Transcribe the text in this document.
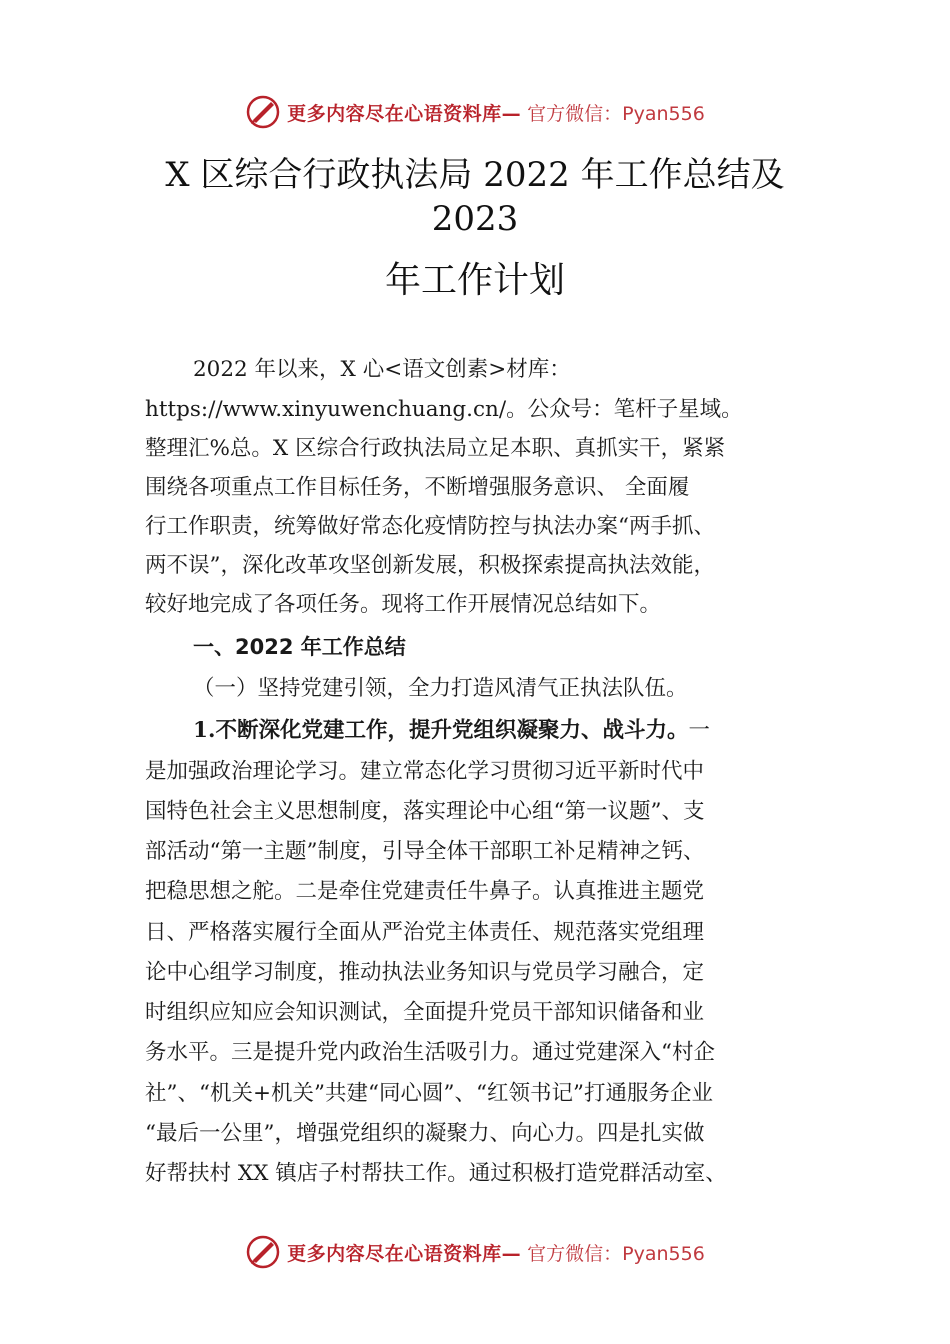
更多内容尽在心语资料库— 官方微信：Pyan556
X 区综合行政执法局 2022 年工作总结及
2023
年工作计划
2022 年以来，X 心<语文创素>材库：
https://www.xinyuwenchuang.cn/。公众号：笔杆子星域。
整理汇%总。X 区综合行政执法局立足本职、真抓实干，紧紧
围绕各项重点工作目标任务，不断增强服务意识、 全面履
行工作职责，统筹做好常态化疫情防控与执法办案“两手抓、
两不误”，深化改革攻坚创新发展，积极探索提高执法效能，
较好地完成了各项任务。现将工作开展情况总结如下。
一、2022 年工作总结
（一）坚持党建引领，全力打造风清气正执法队伍。
1.不断深化党建工作，提升党组织凝聚力、战斗力。一
是加强政治理论学习。建立常态化学习贯彻习近平新时代中
国特色社会主义思想制度，落实理论中心组“第一议题”、支
部活动“第一主题”制度，引导全体干部职工补足精神之钙、
把稳思想之舵。二是牵住党建责任牛鼻子。认真推进主题党
日、严格落实履行全面从严治党主体责任、规范落实党组理
论中心组学习制度，推动执法业务知识与党员学习融合，定
时组织应知应会知识测试，全面提升党员干部知识储备和业
务水平。三是提升党内政治生活吸引力。通过党建深入“村企
社”、“机关+机关”共建“同心圆”、“红领书记”打通服务企业
“最后一公里”，增强党组织的凝聚力、向心力。四是扎实做
好帮扶村 XX 镇店子村帮扶工作。通过积极打造党群活动室、
更多内容尽在心语资料库— 官方微信：Pyan556
